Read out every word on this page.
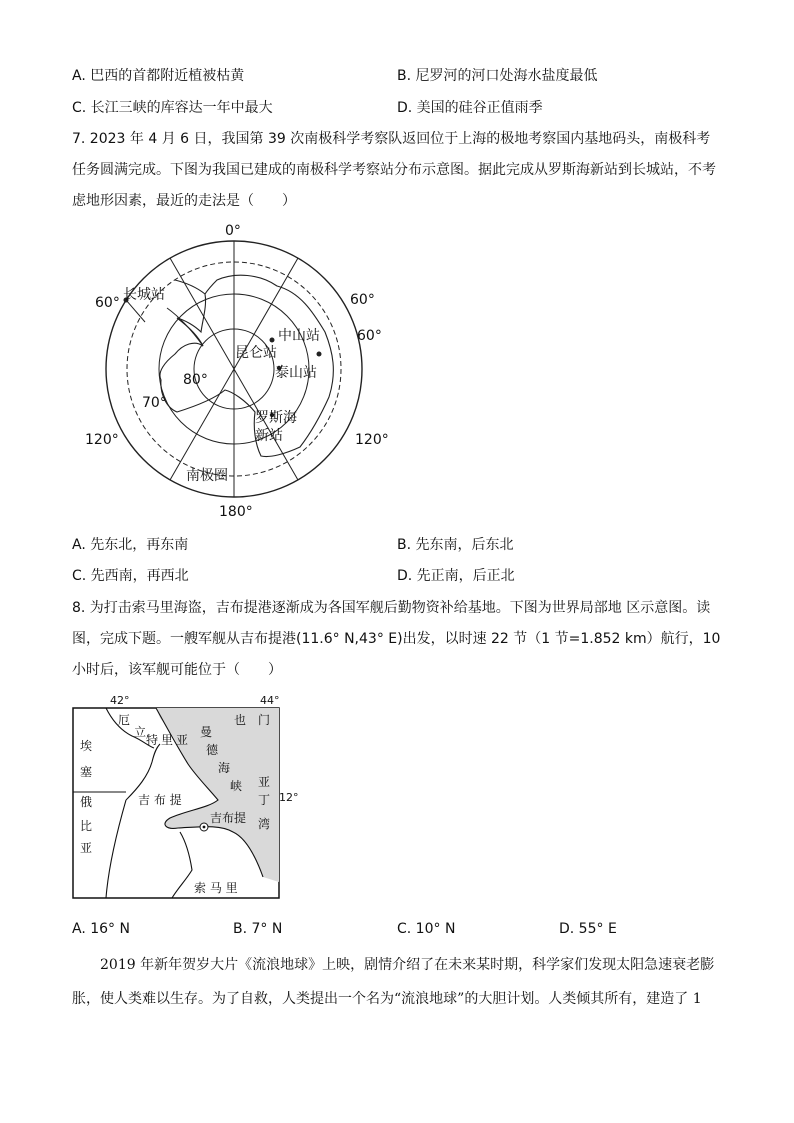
A. 巴西的首都附近植被枯黄	B. 尼罗河的河口处海水盐度最低
C. 长江三峡的库容达一年中最大	D. 美国的硅谷正值雨季
7. 2023 年 4 月 6 日，我国第 39 次南极科学考察队返回位于上海的极地考察国内基地码头，南极科考任务圆满完成。下图为我国已建成的南极科学考察站分布示意图。据此完成从罗斯海新站到长城站，不考虑地形因素，最近的走法是（　　）
0°
180°
60°	60°
60°
120°	120°
80°
70°
长城站
中山站
昆仑站
泰山站
罗斯海
新站
南极圈
A. 先东北，再东南	B. 先东南，后东北
C. 先西南，再西北	D. 先正南，后正北
8. 为打击索马里海盗，吉布提港逐渐成为各国军舰后勤物资补给基地。下图为世界局部地 区示意图。读图，完成下题。一艘军舰从吉布提港(11.6° N,43° E)出发，以时速 22 节（1 节=1.852 km）航行，10 小时后，该军舰可能位于（　　）
42°	44°
12°
厄
立
特 里 亚
也 门
曼
德
海
峡 亚
丁
湾
埃
塞
俄
比
亚
吉 布 提
吉布提
索 马 里
A. 16° N	B. 7° N	C. 10° N	D. 55° E
2019 年新年贺岁大片《流浪地球》上映，剧情介绍了在未来某时期，科学家们发现太阳急速衰老膨胀，使人类难以生存。为了自救，人类提出一个名为“流浪地球”的大胆计划。人类倾其所有，建造了 1
